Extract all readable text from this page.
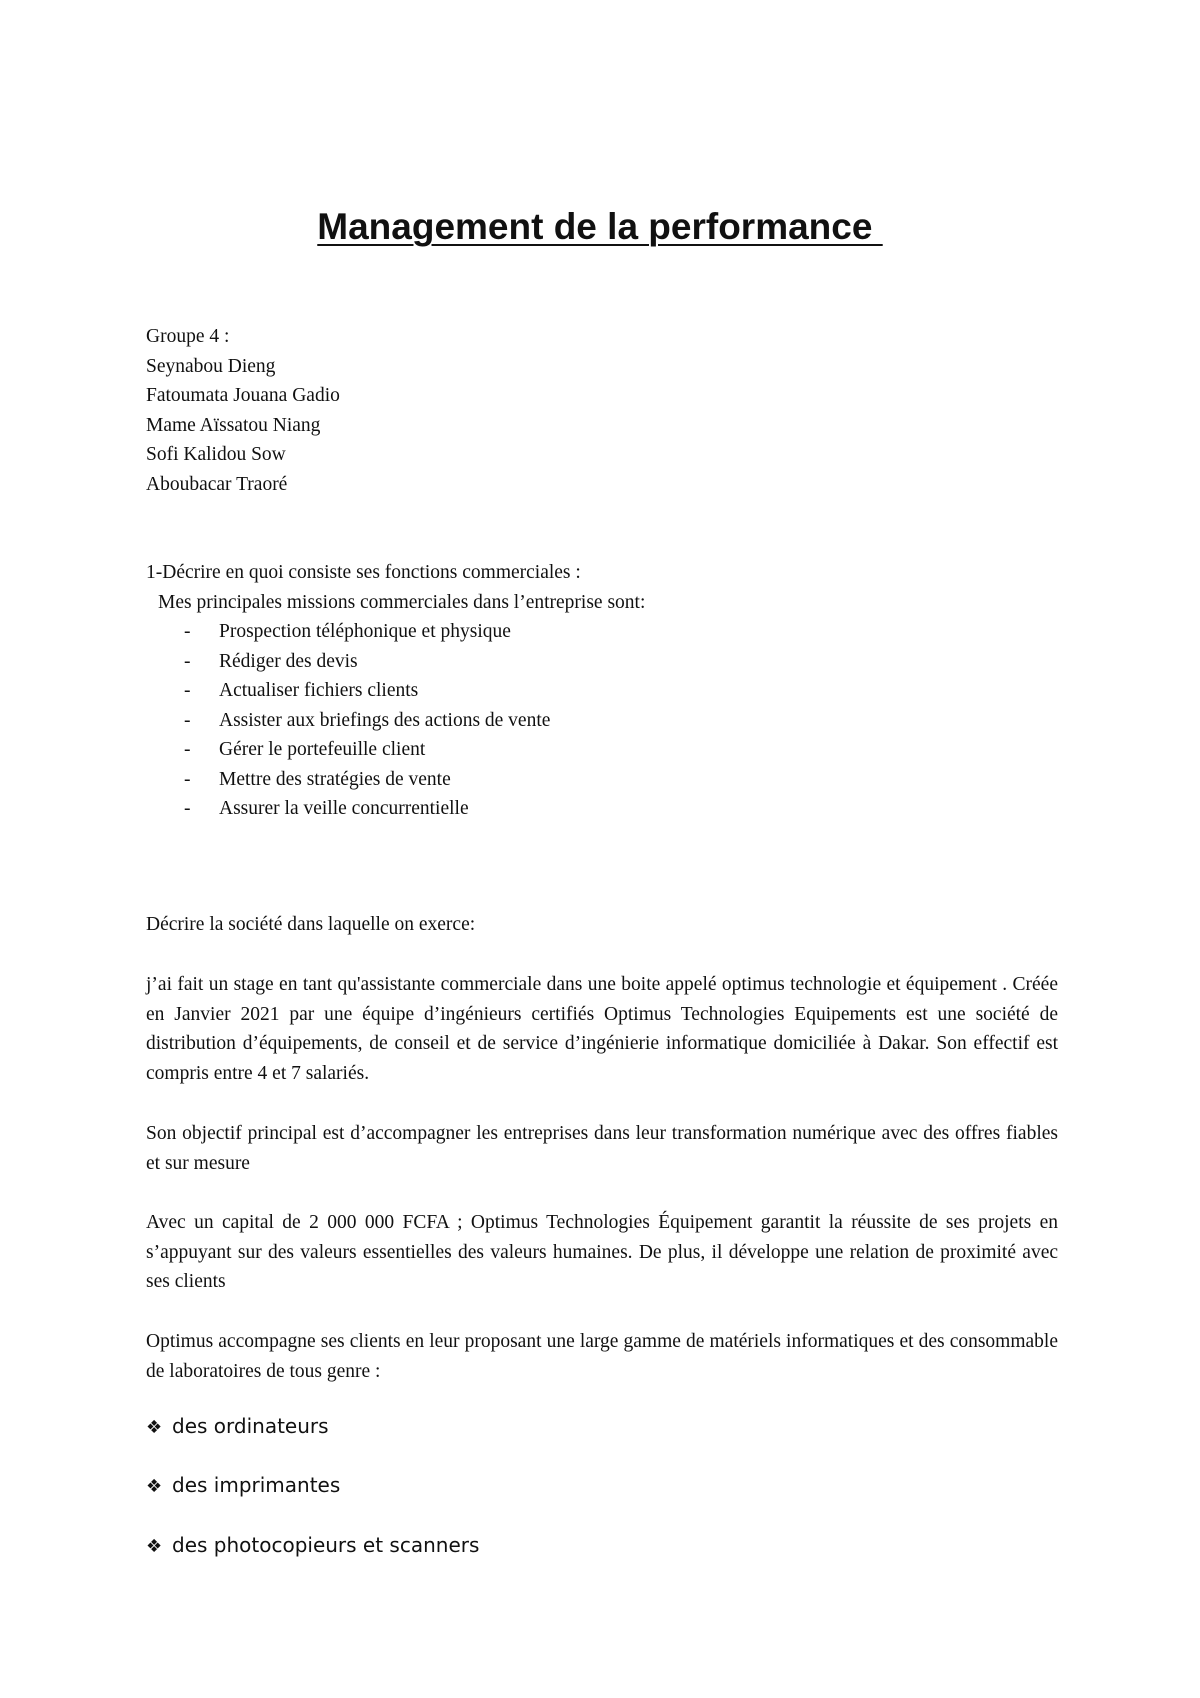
Management de la performance
Groupe 4 :
Seynabou Dieng
Fatoumata Jouana Gadio
Mame Aïssatou Niang
Sofi Kalidou Sow
Aboubacar Traoré
1-Décrire en quoi consiste ses fonctions commerciales :
Mes principales missions commerciales dans l’entreprise sont:
- Prospection téléphonique et physique
- Rédiger des devis
- Actualiser fichiers clients
- Assister aux briefings des actions de vente
- Gérer le portefeuille client
- Mettre des stratégies de vente
- Assurer la veille concurrentielle
Décrire la société dans laquelle on exerce:
j’ai fait un stage en tant qu'assistante commerciale dans une boite appelé optimus technologie et équipement . Créée en Janvier 2021 par une équipe d’ingénieurs certifiés Optimus Technologies Equipements est une société de distribution d’équipements, de conseil et de service d’ingénierie informatique domiciliée à Dakar. Son effectif est compris entre 4 et 7 salariés.
Son objectif principal est d’accompagner les entreprises dans leur transformation numérique avec des offres fiables et sur mesure
Avec un capital de 2 000 000 FCFA ; Optimus Technologies Équipement garantit la réussite de ses projets en s’appuyant sur des valeurs essentielles des valeurs humaines. De plus, il développe une relation de proximité avec ses clients
Optimus accompagne ses clients en leur proposant une large gamme de matériels informatiques et des consommable de laboratoires de tous genre :
❖ des ordinateurs
❖ des imprimantes
❖ des photocopieurs et scanners
